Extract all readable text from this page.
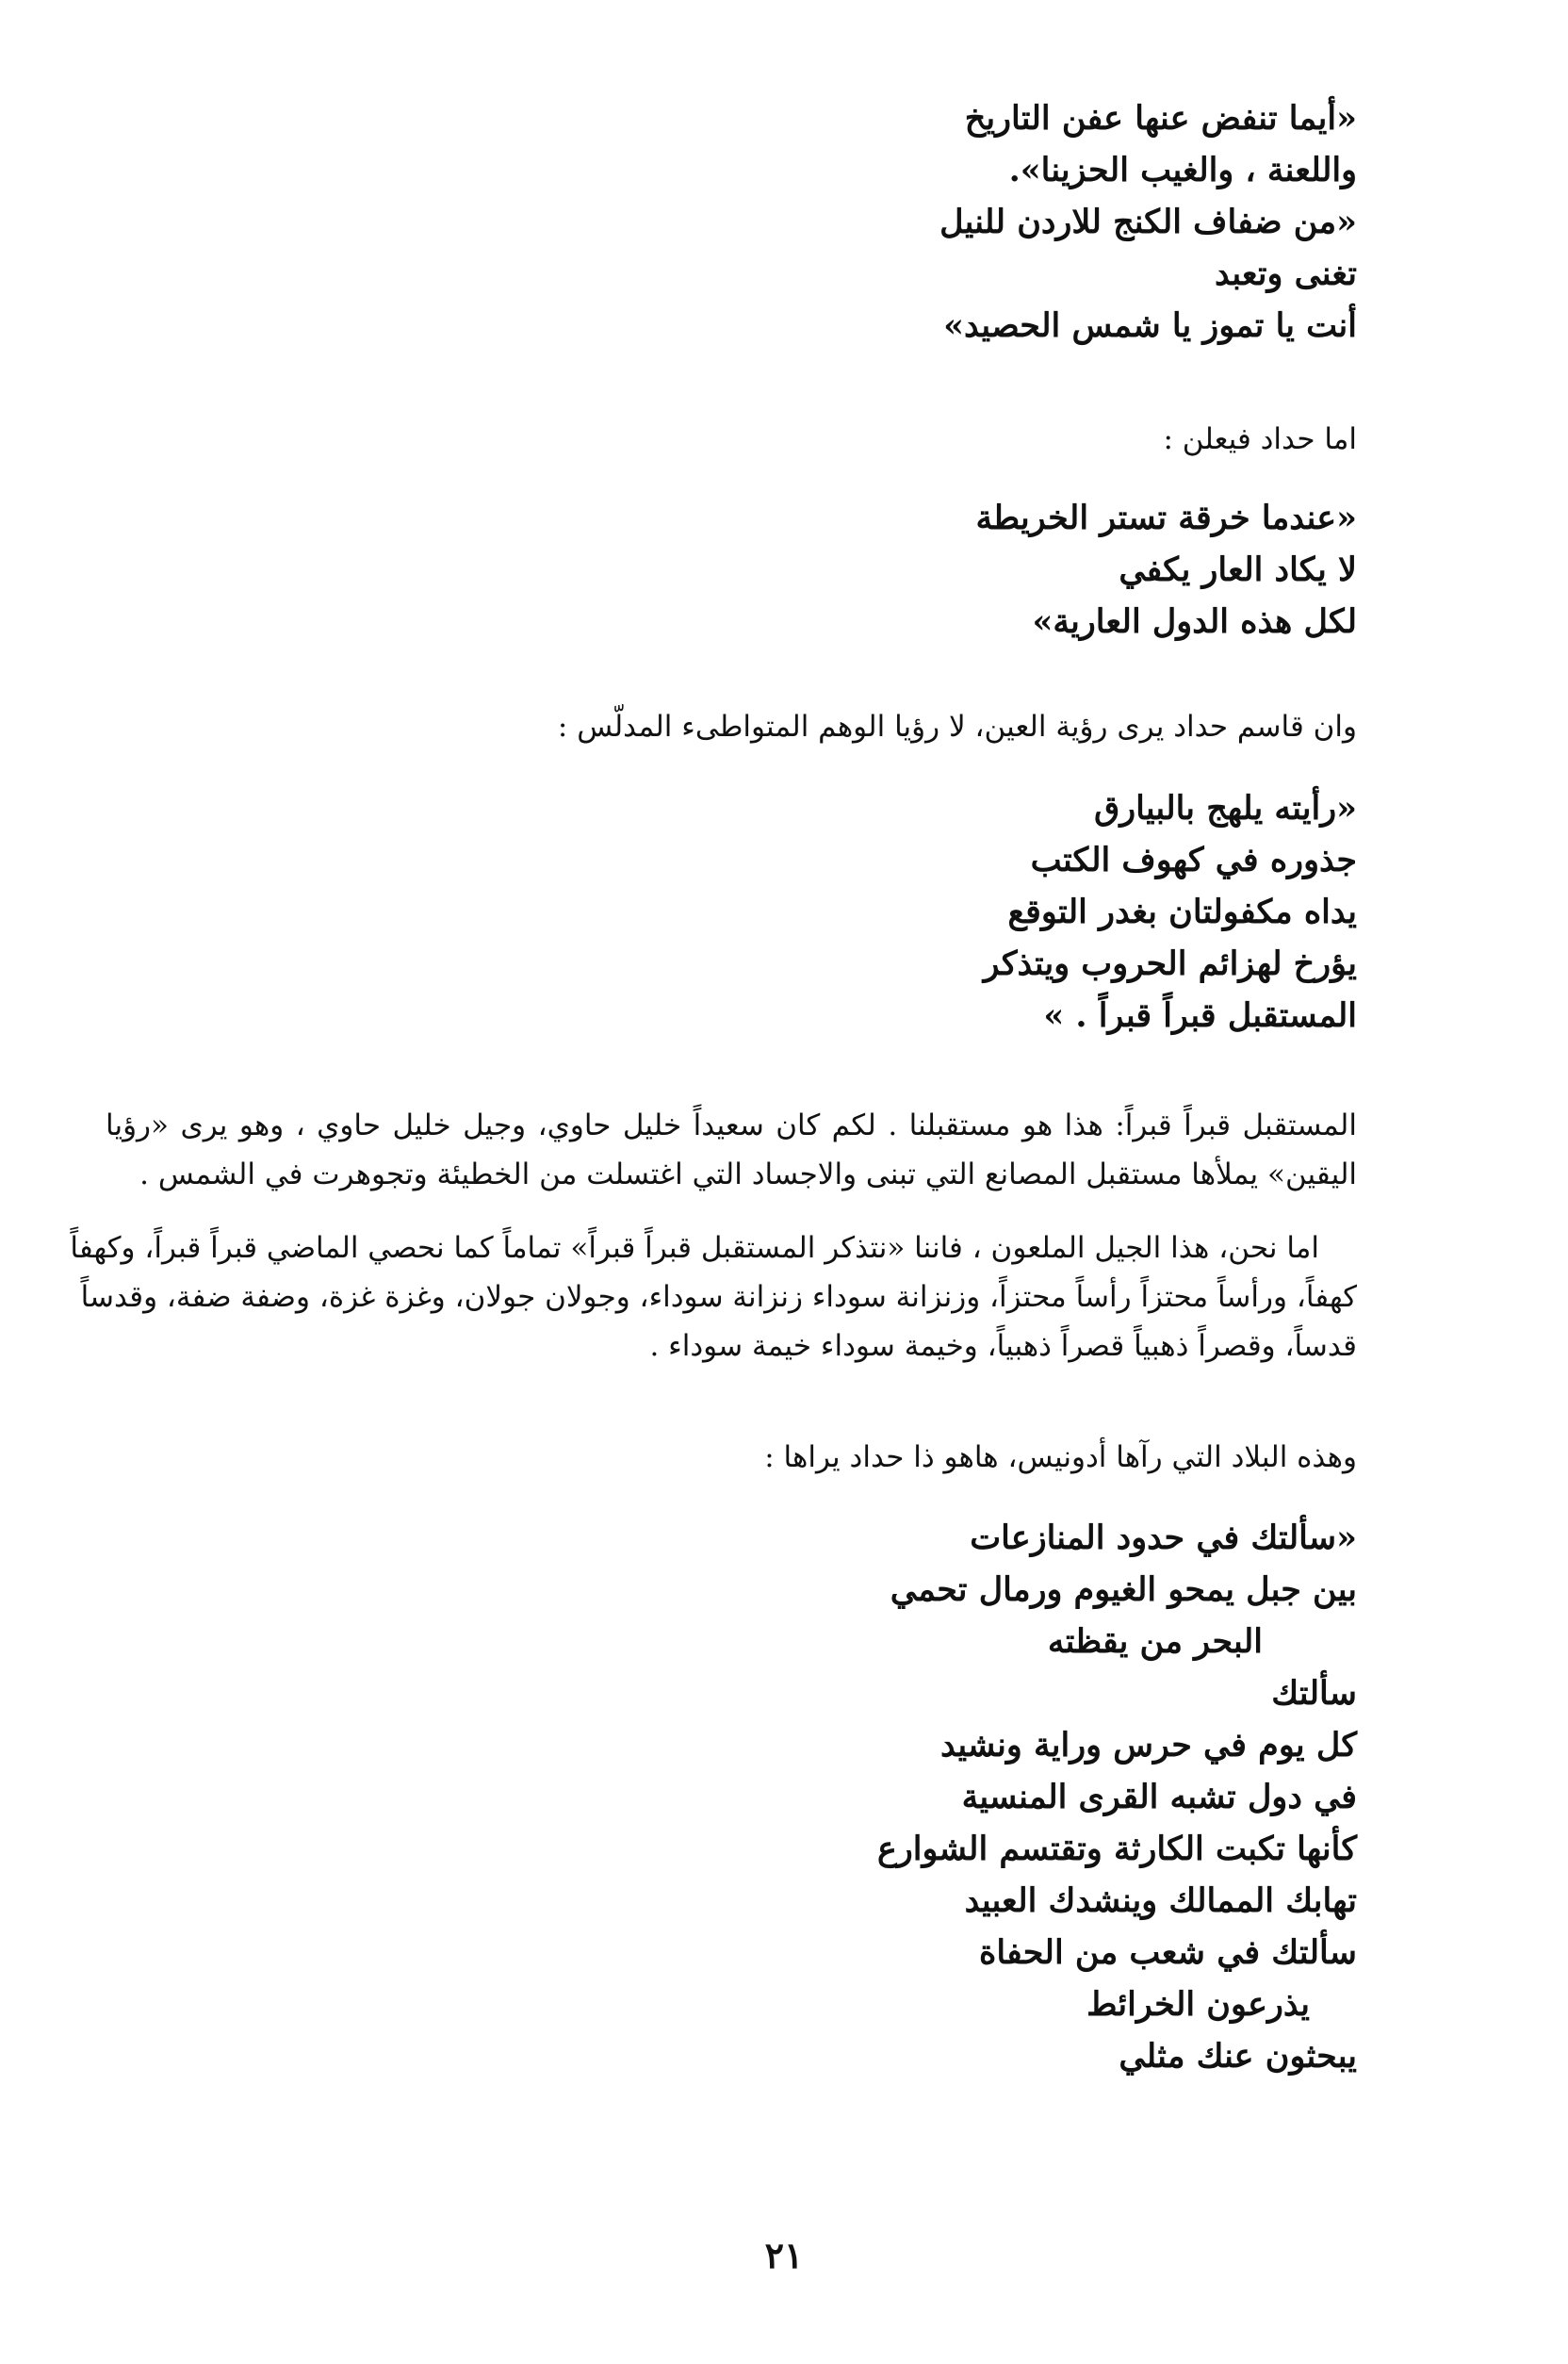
«أيما تنفض عنها عفن التاريخ
واللعنة ، والغيب الحزينا».
«من ضفاف الكنج للاردن للنيل
تغنى وتعبد
أنت يا تموز يا شمس الحصيد»
اما حداد فيعلن :
«عندما خرقة تستر الخريطة
لا يكاد العار يكفي
لكل هذه الدول العارية»
وان قاسم حداد يرى رؤية العين، لا رؤيا الوهم المتواطىء المدلّس :
«رأيته يلهج بالبيارق
جذوره في كهوف الكتب
يداه مكفولتان بغدر التوقع
يؤرخ لهزائم الحروب ويتذكر
المستقبل قبراً قبراً . »
المستقبل قبراً قبراً: هذا هو مستقبلنا . لكم كان سعيداً خليل حاوي، وجيل خليل حاوي ، وهو يرى «رؤيا
اليقين» يملأها مستقبل المصانع التي تبنى والاجساد التي اغتسلت من الخطيئة وتجوهرت في الشمس .
اما نحن، هذا الجيل الملعون ، فاننا «نتذكر المستقبل قبراً قبراً» تماماً كما نحصي الماضي قبراً قبراً، وكهفاً
كهفاً، ورأساً محتزاً رأساً محتزاً، وزنزانة سوداء زنزانة سوداء، وجولان جولان، وغزة غزة، وضفة ضفة، وقدساً
قدساً، وقصراً ذهبياً قصراً ذهبياً، وخيمة سوداء خيمة سوداء .
وهذه البلاد التي رآها أدونيس، هاهو ذا حداد يراها :
«سألتك في حدود المنازعات
بين جبل يمحو الغيوم ورمال تحمي
البحر من يقظته
سألتك
كل يوم في حرس وراية ونشيد
في دول تشبه القرى المنسية
كأنها تكبت الكارثة وتقتسم الشوارع
تهابك الممالك وينشدك العبيد
سألتك في شعب من الحفاة
يذرعون الخرائط
يبحثون عنك مثلي
٢١
